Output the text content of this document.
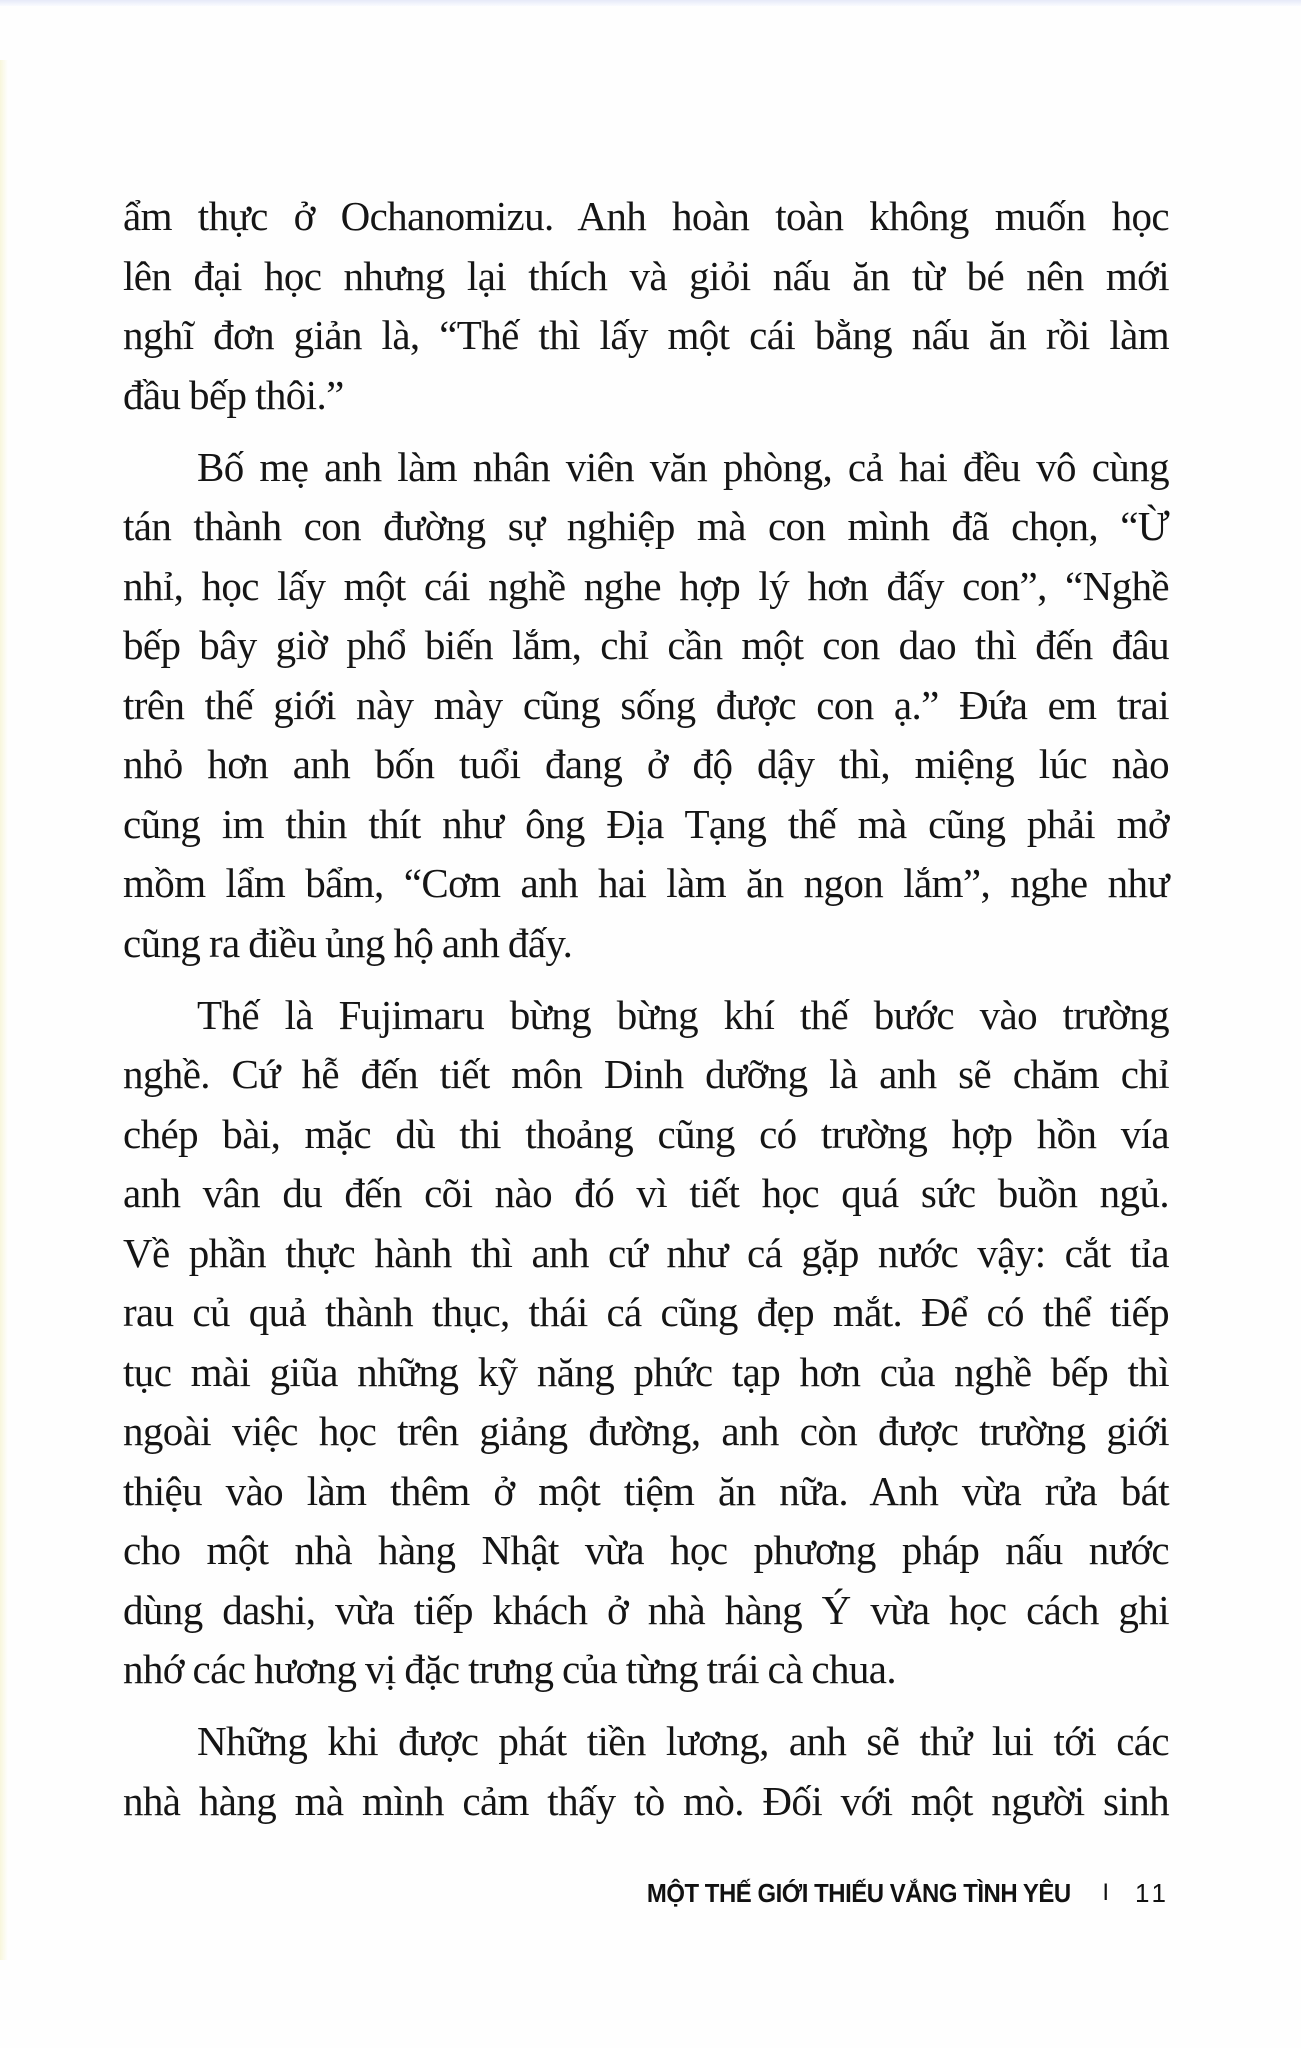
ẩm thực ở Ochanomizu. Anh hoàn toàn không muốn học
lên đại học nhưng lại thích và giỏi nấu ăn từ bé nên mới
nghĩ đơn giản là, “Thế thì lấy một cái bằng nấu ăn rồi làm
đầu bếp thôi.”
Bố mẹ anh làm nhân viên văn phòng, cả hai đều vô cùng
tán thành con đường sự nghiệp mà con mình đã chọn, “Ừ
nhỉ, học lấy một cái nghề nghe hợp lý hơn đấy con”, “Nghề
bếp bây giờ phổ biến lắm, chỉ cần một con dao thì đến đâu
trên thế giới này mày cũng sống được con ạ.” Đứa em trai
nhỏ hơn anh bốn tuổi đang ở độ dậy thì, miệng lúc nào
cũng im thin thít như ông Địa Tạng thế mà cũng phải mở
mồm lẩm bẩm, “Cơm anh hai làm ăn ngon lắm”, nghe như
cũng ra điều ủng hộ anh đấy.
Thế là Fujimaru bừng bừng khí thế bước vào trường
nghề. Cứ hễ đến tiết môn Dinh dưỡng là anh sẽ chăm chỉ
chép bài, mặc dù thi thoảng cũng có trường hợp hồn vía
anh vân du đến cõi nào đó vì tiết học quá sức buồn ngủ.
Về phần thực hành thì anh cứ như cá gặp nước vậy: cắt tỉa
rau củ quả thành thục, thái cá cũng đẹp mắt. Để có thể tiếp
tục mài giũa những kỹ năng phức tạp hơn của nghề bếp thì
ngoài việc học trên giảng đường, anh còn được trường giới
thiệu vào làm thêm ở một tiệm ăn nữa. Anh vừa rửa bát
cho một nhà hàng Nhật vừa học phương pháp nấu nước
dùng dashi, vừa tiếp khách ở nhà hàng Ý vừa học cách ghi
nhớ các hương vị đặc trưng của từng trái cà chua.
Những khi được phát tiền lương, anh sẽ thử lui tới các
nhà hàng mà mình cảm thấy tò mò. Đối với một người sinh
MỘT THẾ GIỚI THIẾU VẮNG TÌNH YÊU I 11
